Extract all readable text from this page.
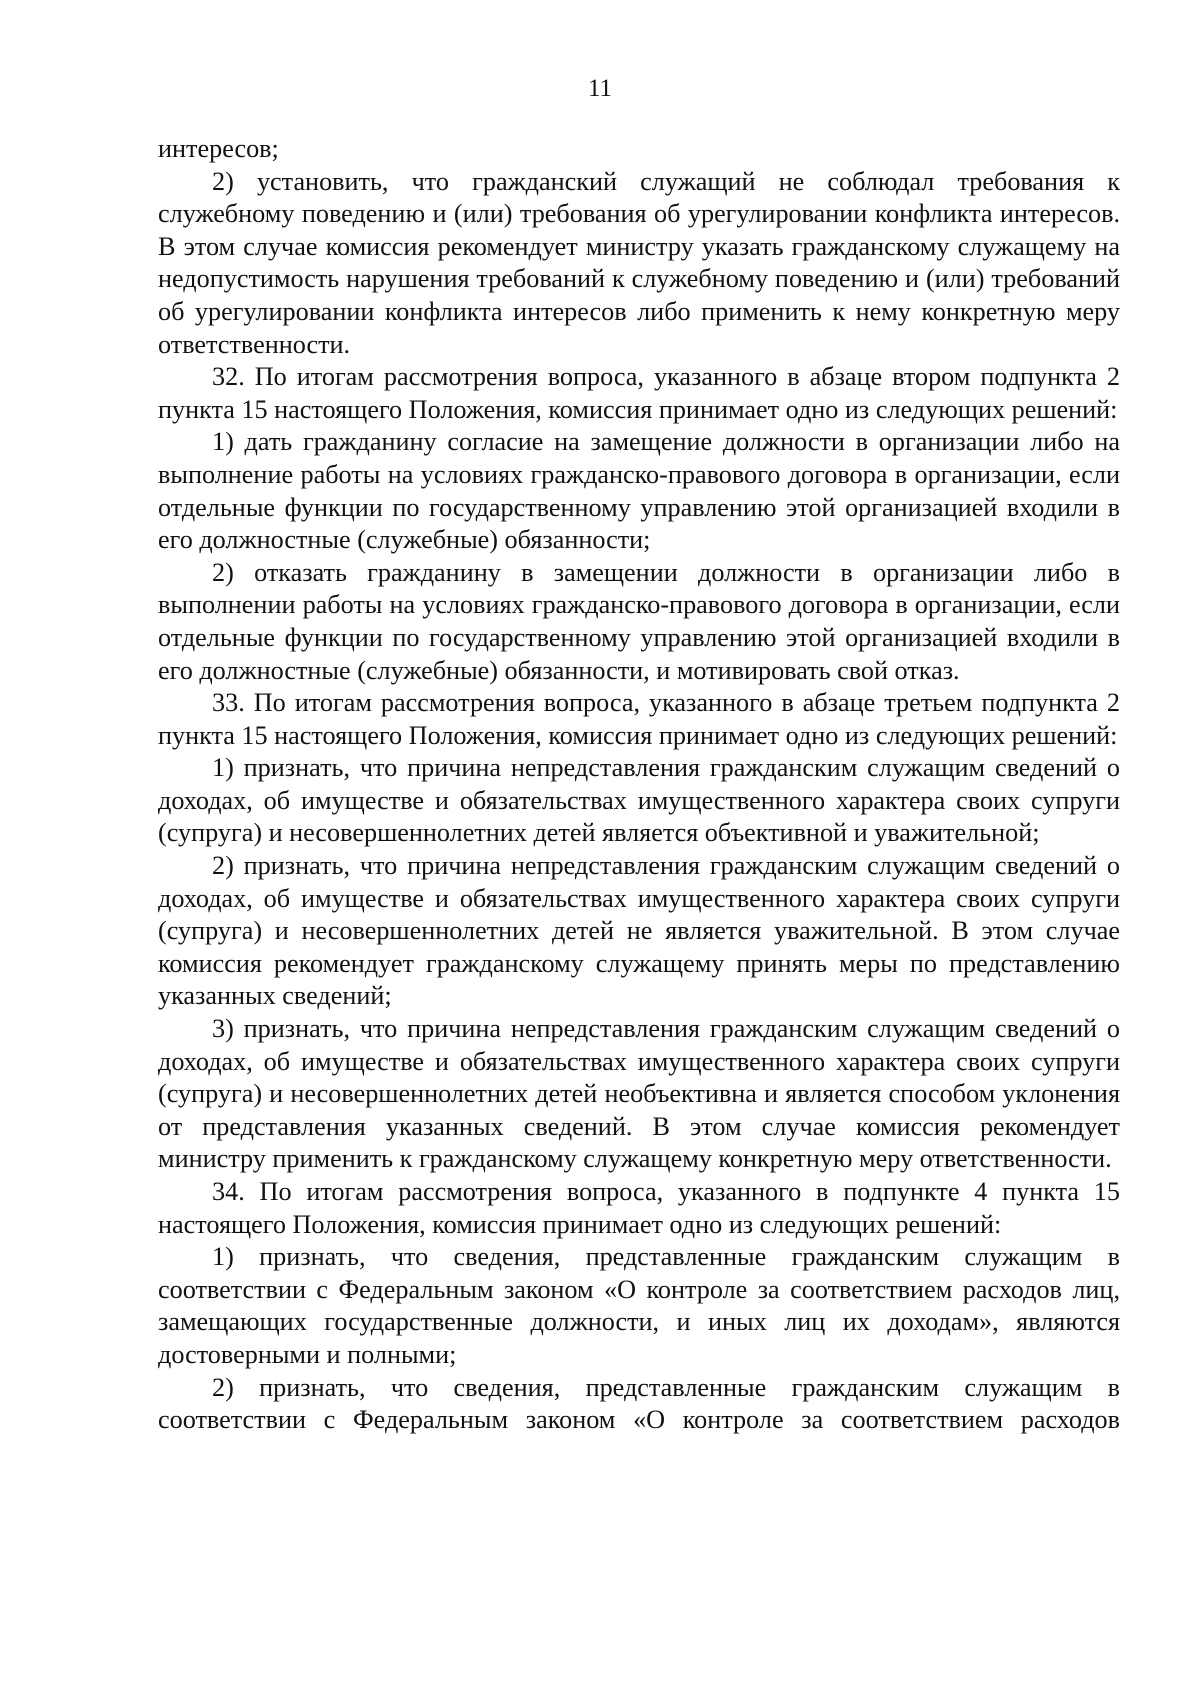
11

интересов;

2) установить, что гражданский служащий не соблюдал требования к служебному поведению и (или) требования об урегулировании конфликта интересов. В этом случае комиссия рекомендует министру указать гражданскому служащему на недопустимость нарушения требований к служебному поведению и (или) требований об урегулировании конфликта интересов либо применить к нему конкретную меру ответственности.

32. По итогам рассмотрения вопроса, указанного в абзаце втором подпункта 2 пункта 15 настоящего Положения, комиссия принимает одно из следующих решений:

1) дать гражданину согласие на замещение должности в организации либо на выполнение работы на условиях гражданско-правового договора в организации, если отдельные функции по государственному управлению этой организацией входили в его должностные (служебные) обязанности;

2) отказать гражданину в замещении должности в организации либо в выполнении работы на условиях гражданско-правового договора в организации, если отдельные функции по государственному управлению этой организацией входили в его должностные (служебные) обязанности, и мотивировать свой отказ.

33. По итогам рассмотрения вопроса, указанного в абзаце третьем подпункта 2 пункта 15 настоящего Положения, комиссия принимает одно из следующих решений:

1) признать, что причина непредставления гражданским служащим сведений о доходах, об имуществе и обязательствах имущественного характера своих супруги (супруга) и несовершеннолетних детей является объективной и уважительной;

2) признать, что причина непредставления гражданским служащим сведений о доходах, об имуществе и обязательствах имущественного характера своих супруги (супруга) и несовершеннолетних детей не является уважительной. В этом случае комиссия рекомендует гражданскому служащему принять меры по представлению указанных сведений;

3) признать, что причина непредставления гражданским служащим сведений о доходах, об имуществе и обязательствах имущественного характера своих супруги (супруга) и несовершеннолетних детей необъективна и является способом уклонения от представления указанных сведений. В этом случае комиссия рекомендует министру применить к гражданскому служащему конкретную меру ответственности.

34. По итогам рассмотрения вопроса, указанного в подпункте 4 пункта 15 настоящего Положения, комиссия принимает одно из следующих решений:

1) признать, что сведения, представленные гражданским служащим в соответствии с Федеральным законом «О контроле за соответствием расходов лиц, замещающих государственные должности, и иных лиц их доходам», являются достоверными и полными;

2) признать, что сведения, представленные гражданским служащим в соответствии с Федеральным законом «О контроле за соответствием расходов
